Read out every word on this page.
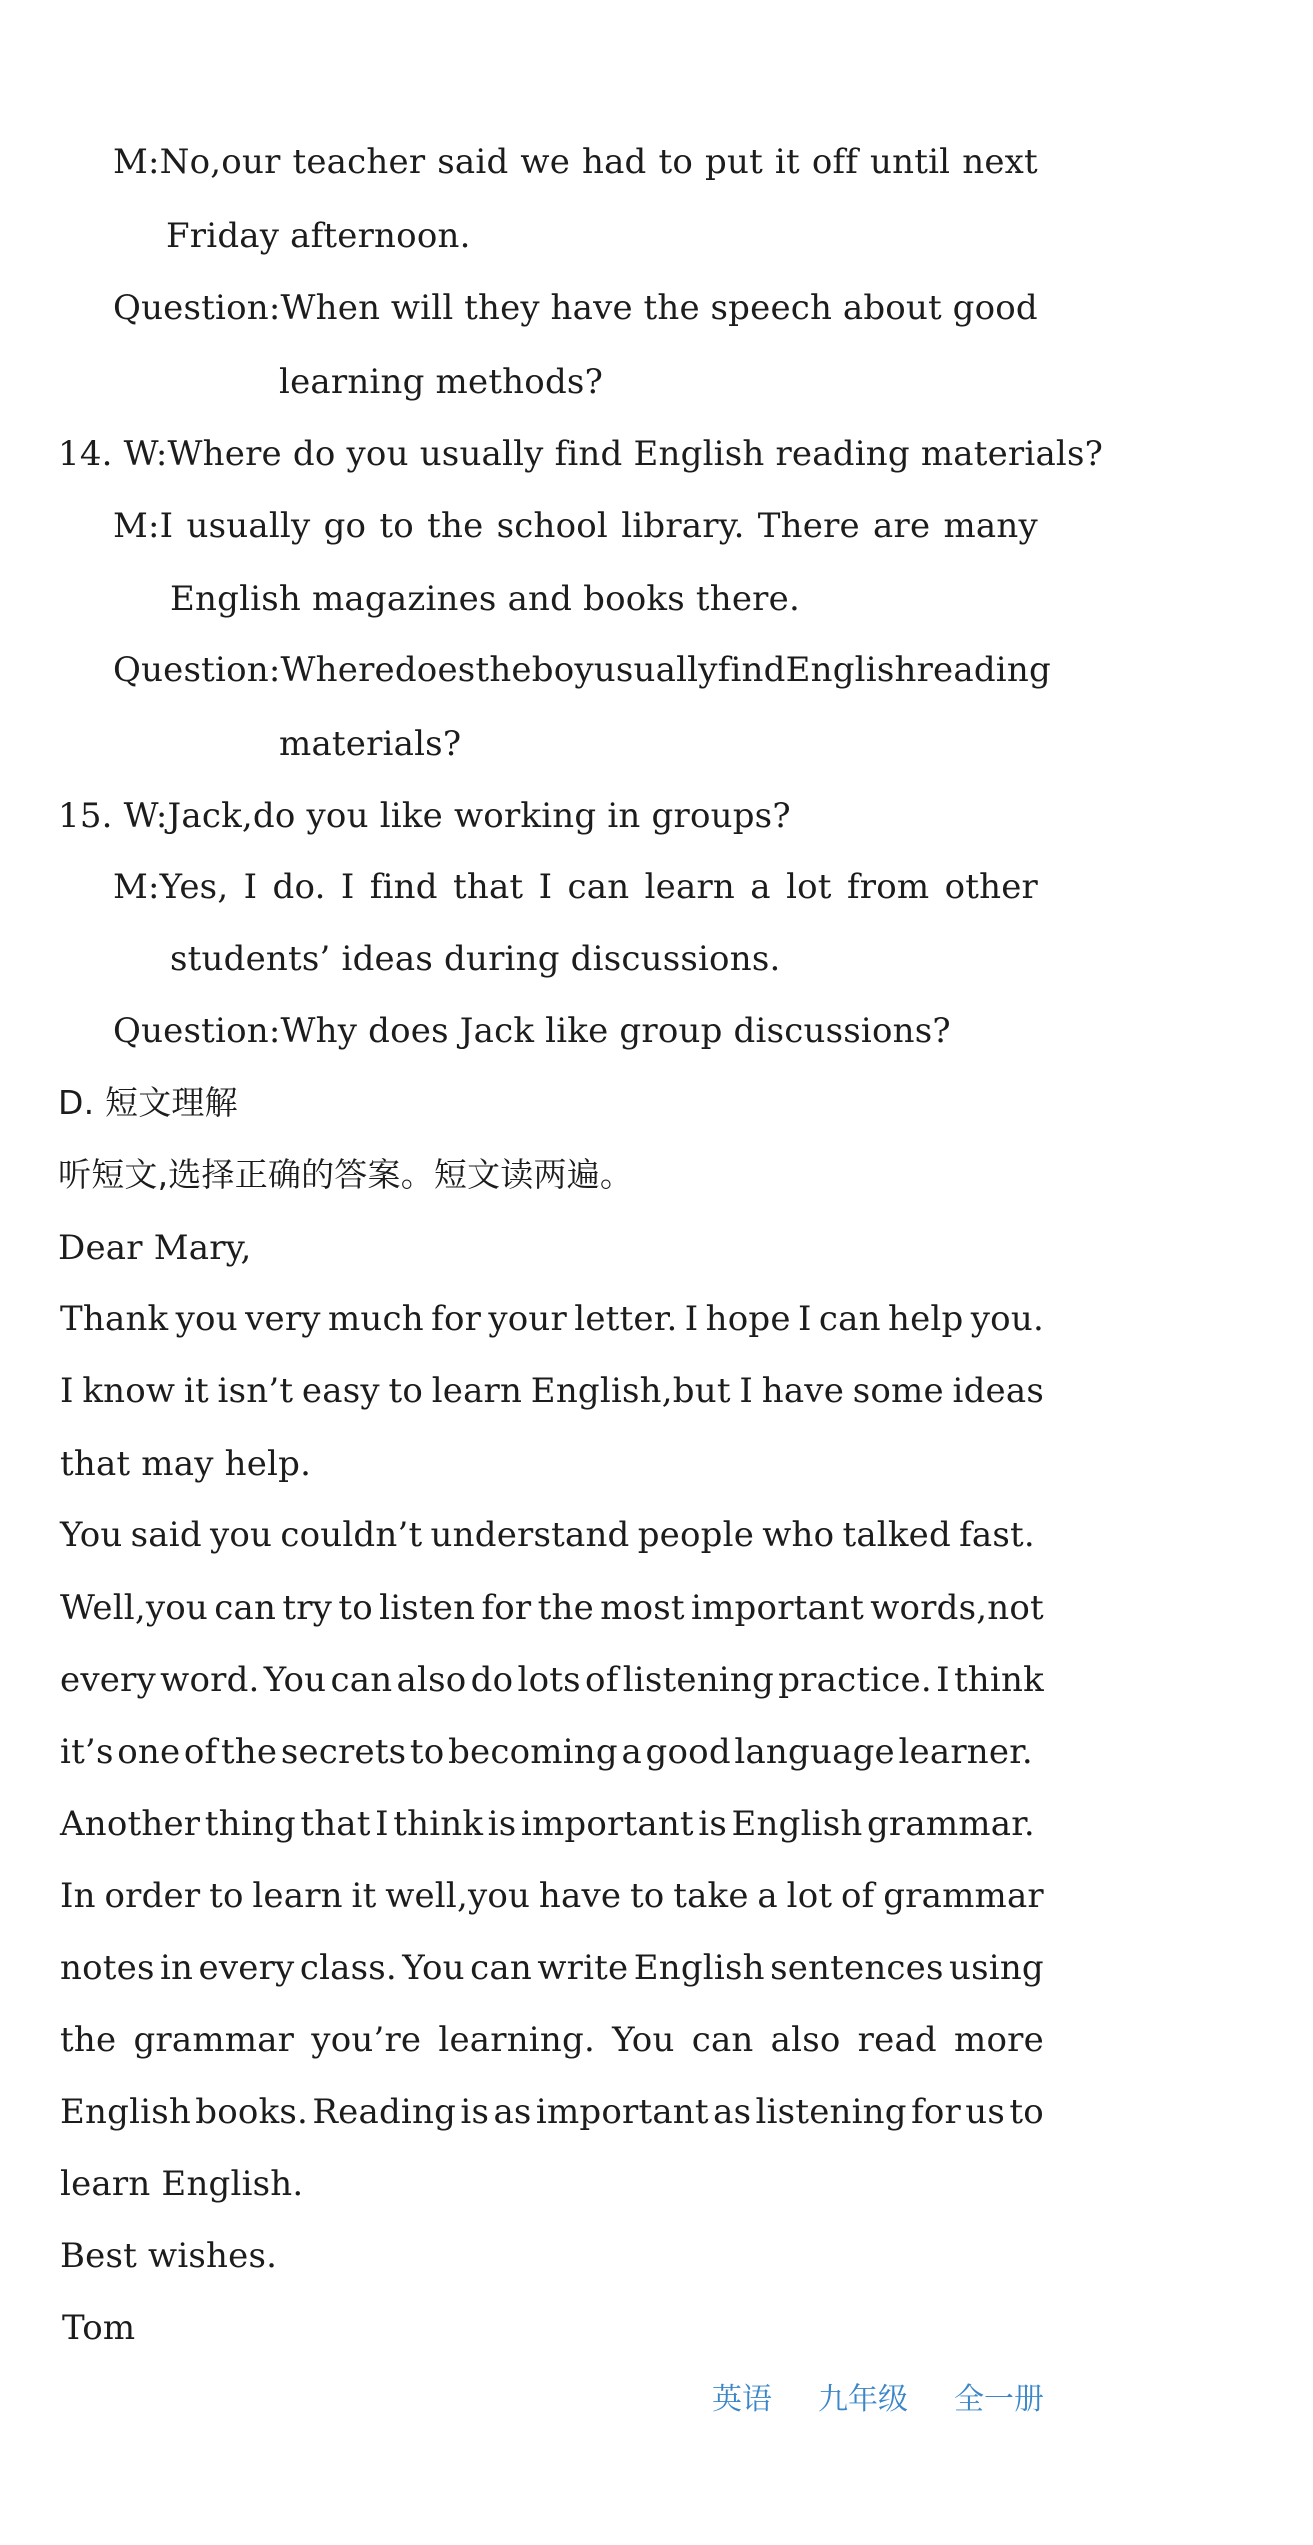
M:No,our teacher said we had to put it off until next
Friday afternoon.
Question:When will they have the speech about good
learning methods?
14. W:Where do you usually find English reading materials?
M:I usually go to the school library. There are many
English magazines and books there.
Question:Where does the boy usually find English reading
materials?
15. W:Jack,do you like working in groups?
M:Yes, I do. I find that I can learn a lot from other
students’ ideas during discussions.
Question:Why does Jack like group discussions?
D. 短文理解
听短文,选择正确的答案。短文读两遍。
Dear Mary,
Thank you very much for your letter. I hope I can help you.
I know it isn’t easy to learn English,but I have some ideas
that may help.
You said you couldn’t understand people who talked fast.
Well,you can try to listen for the most important words,not
every word. You can also do lots of listening practice. I think
it’s one of the secrets to becoming a good language learner.
Another thing that I think is important is English grammar.
In order to learn it well,you have to take a lot of grammar
notes in every class. You can write English sentences using
the grammar you’re learning. You can also read more
English books. Reading is as important as listening for us to
learn English.
Best wishes.
Tom
英语 九年级 全一册
